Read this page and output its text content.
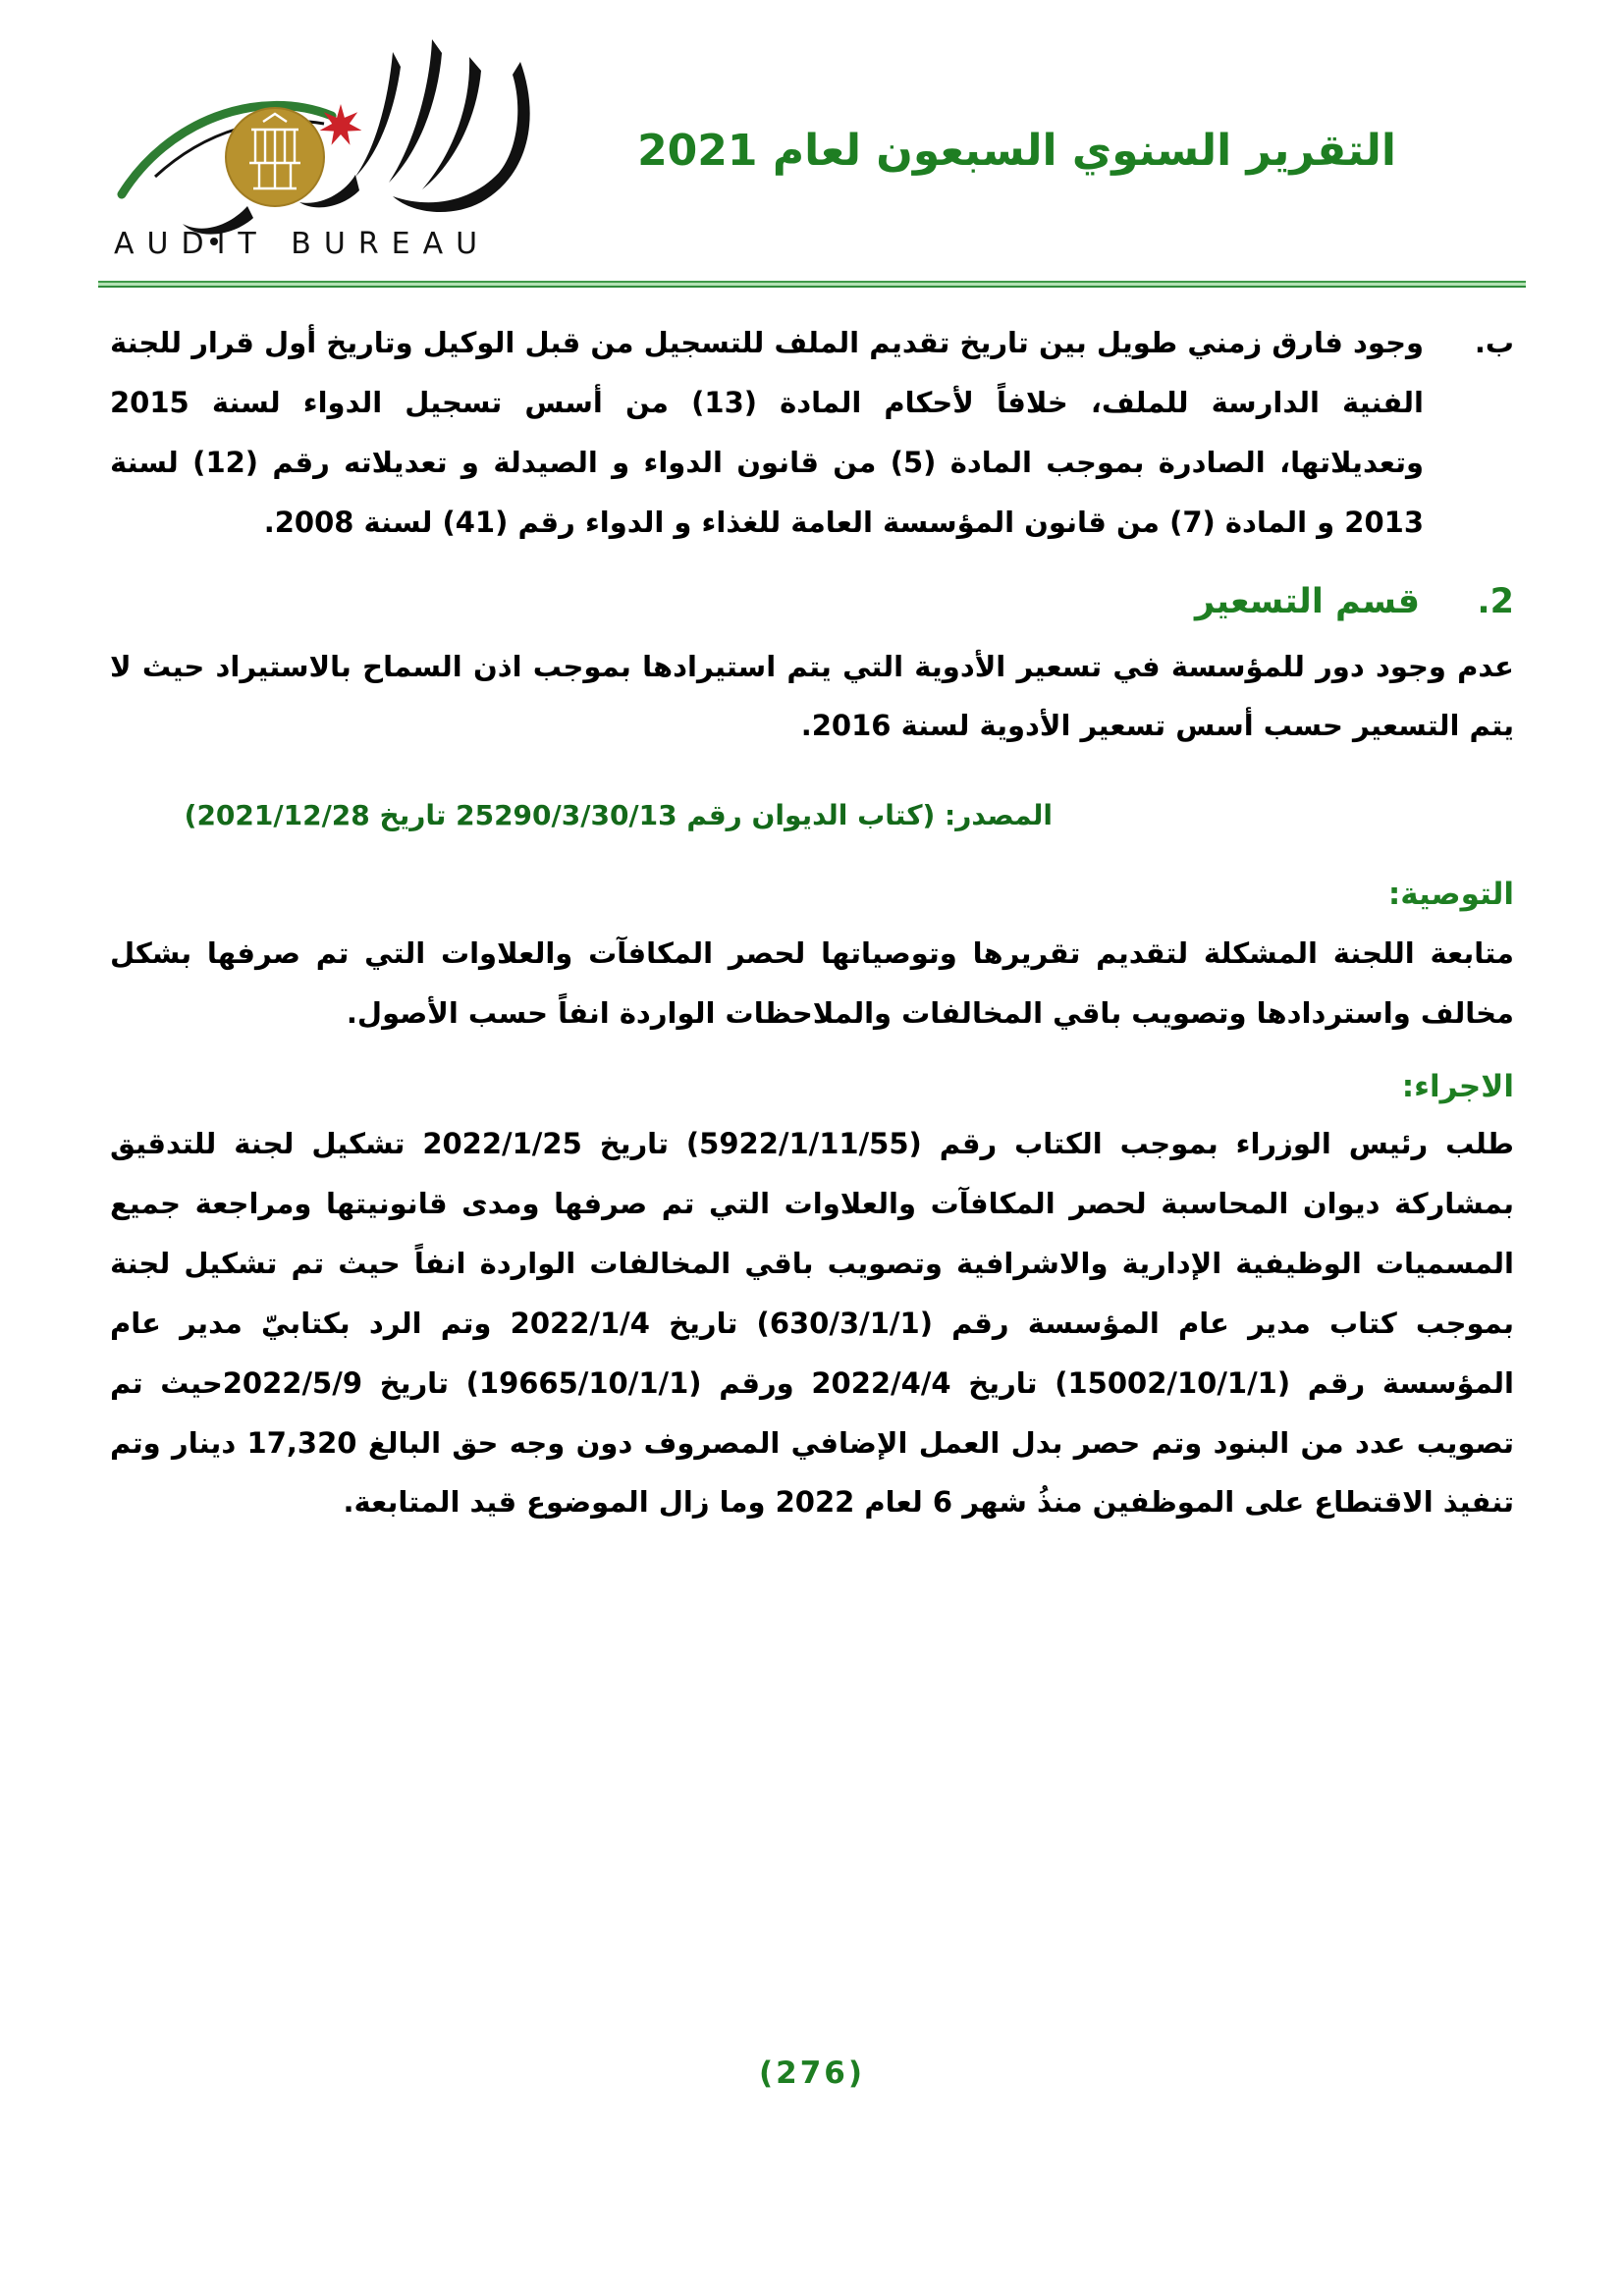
AUDIT BUREAU
التقرير السنوي السبعون لعام 2021
ب.
وجود فارق زمني طويل بين تاريخ تقديم الملف للتسجيل من قبل الوكيل وتاريخ أول قرار للجنة الفنية الدارسة للملف، خلافاً لأحكام المادة (13) من أسس تسجيل الدواء لسنة 2015 وتعديلاتها، الصادرة بموجب المادة (5) من قانون الدواء و الصيدلة و تعديلاته رقم (12) لسنة 2013 و المادة (7) من قانون المؤسسة العامة للغذاء و الدواء رقم (41) لسنة 2008.
2.
قسم التسعير
عدم وجود دور للمؤسسة في تسعير الأدوية التي يتم استيرادها بموجب اذن السماح بالاستيراد حيث لا يتم التسعير حسب أسس تسعير الأدوية لسنة 2016.
المصدر: (كتاب الديوان رقم 25290/3/30/13 تاريخ 2021/12/28)
التوصية:
متابعة اللجنة المشكلة لتقديم تقريرها وتوصياتها لحصر المكافآت والعلاوات التي تم صرفها بشكل مخالف واستردادها وتصويب باقي المخالفات والملاحظات الواردة انفاً حسب الأصول.
الاجراء:
طلب رئيس الوزراء بموجب الكتاب رقم (5922/1/11/55) تاريخ 2022/1/25 تشكيل لجنة للتدقيق بمشاركة ديوان المحاسبة لحصر المكافآت والعلاوات التي تم صرفها ومدى قانونيتها ومراجعة جميع المسميات الوظيفية الإدارية والاشرافية وتصويب باقي المخالفات الواردة انفاً حيث تم تشكيل لجنة بموجب كتاب مدير عام المؤسسة رقم (630/3/1/1) تاريخ 2022/1/4 وتم الرد بكتابيّ مدير عام المؤسسة رقم (15002/10/1/1) تاريخ 2022/4/4 ورقم (19665/10/1/1) تاريخ 2022/5/9حيث تم تصويب عدد من البنود وتم حصر بدل العمل الإضافي المصروف دون وجه حق البالغ 17,320 دينار وتم تنفيذ الاقتطاع على الموظفين منذُ شهر 6 لعام 2022 وما زال الموضوع قيد المتابعة.
(276)
